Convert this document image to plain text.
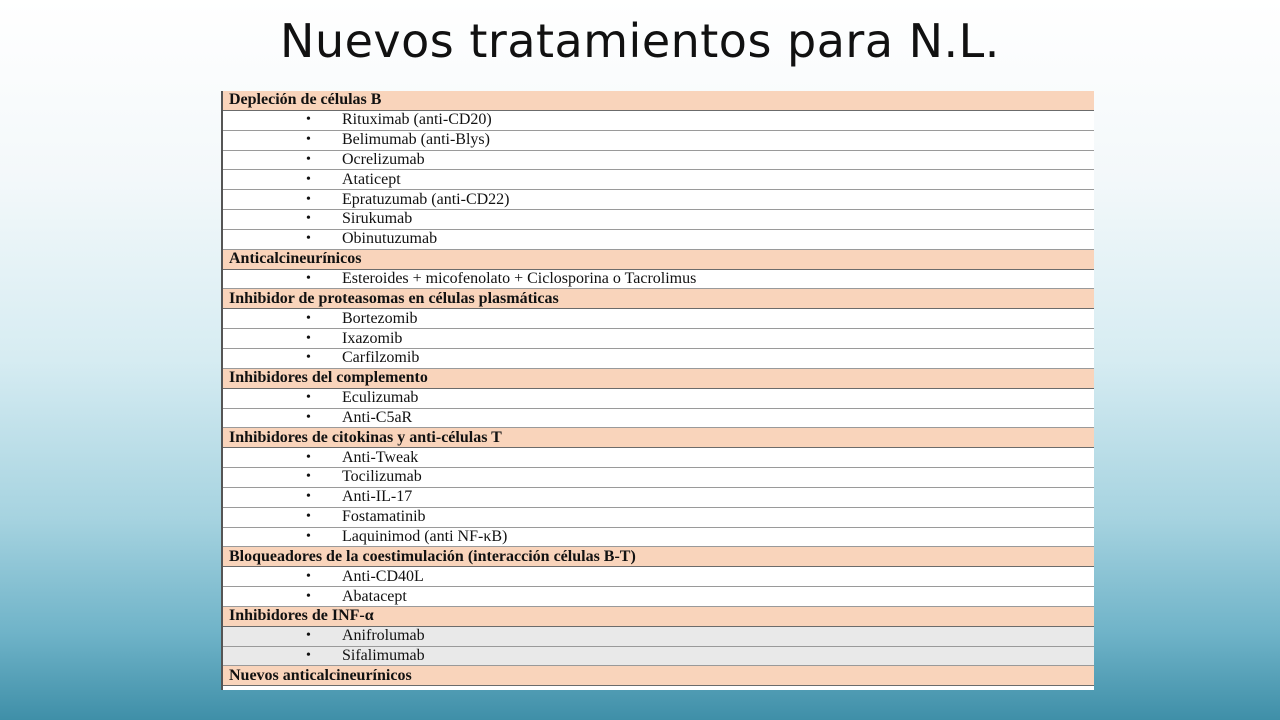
Nuevos tratamientos para N.L.
Depleción de células B
•
Rituximab (anti-CD20)
•
Belimumab (anti-Blys)
•
Ocrelizumab
•
Ataticept
•
Epratuzumab (anti-CD22)
•
Sirukumab
•
Obinutuzumab
Anticalcineurínicos
•
Esteroides + micofenolato + Ciclosporina o Tacrolimus
Inhibidor de proteasomas en células plasmáticas
•
Bortezomib
•
Ixazomib
•
Carfilzomib
Inhibidores del complemento
•
Eculizumab
•
Anti-C5aR
Inhibidores de citokinas y anti-células T
•
Anti-Tweak
•
Tocilizumab
•
Anti-IL-17
•
Fostamatinib
•
Laquinimod (anti NF-κB)
Bloqueadores de la coestimulación (interacción células B-T)
•
Anti-CD40L
•
Abatacept
Inhibidores de INF-α
•
Anifrolumab
•
Sifalimumab
Nuevos anticalcineurínicos
